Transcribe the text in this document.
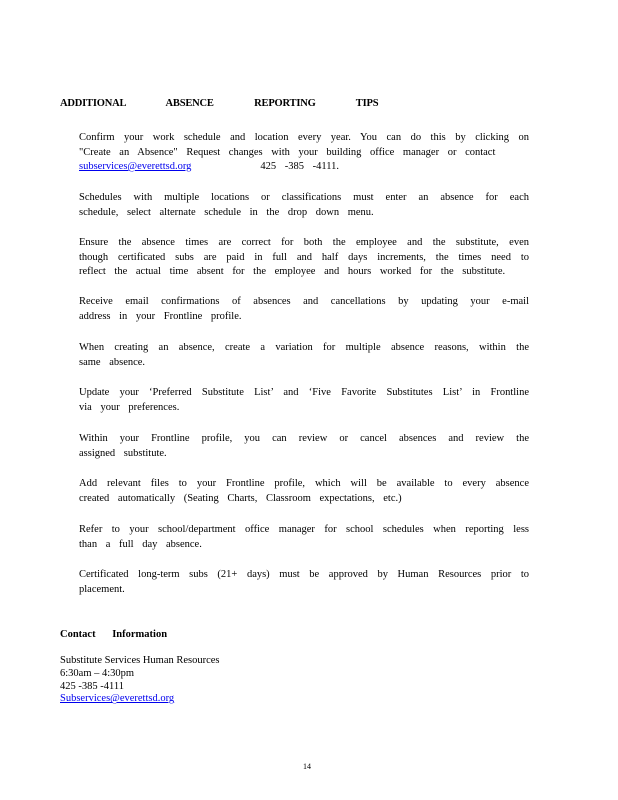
ADDITIONAL ABSENCE REPORTING TIPS
Confirm your work schedule and location every year. You can do this by clicking on "Create an Absence" Request changes with your building office manager or contact
subservices@everettsd.org	425 -385 -4111.
Schedules with multiple locations or classifications must enter an absence for each schedule, select alternate schedule in the drop down menu.
Ensure the absence times are correct for both the employee and the substitute, even though certificated subs are paid in full and half days increments, the times need to reflect the actual time absent for the employee and hours worked for the substitute.
Receive email confirmations of absences and cancellations by updating your e-mail address in your Frontline profile.
When creating an absence, create a variation for multiple absence reasons, within the same absence.
Update your ‘Preferred Substitute List’ and ‘Five Favorite Substitutes List’ in Frontline via your preferences.
Within your Frontline profile, you can review or cancel absences and review the assigned substitute.
Add relevant files to your Frontline profile, which will be available to every absence created automatically (Seating Charts, Classroom expectations, etc.)
Refer to your school/department office manager for school schedules when reporting less than a full day absence.
Certificated long-term subs (21+ days) must be approved by Human Resources prior to placement.
Contact Information
Substitute Services Human Resources
6:30am – 4:30pm
425 -385 -4111
Subservices@everettsd.org
14
